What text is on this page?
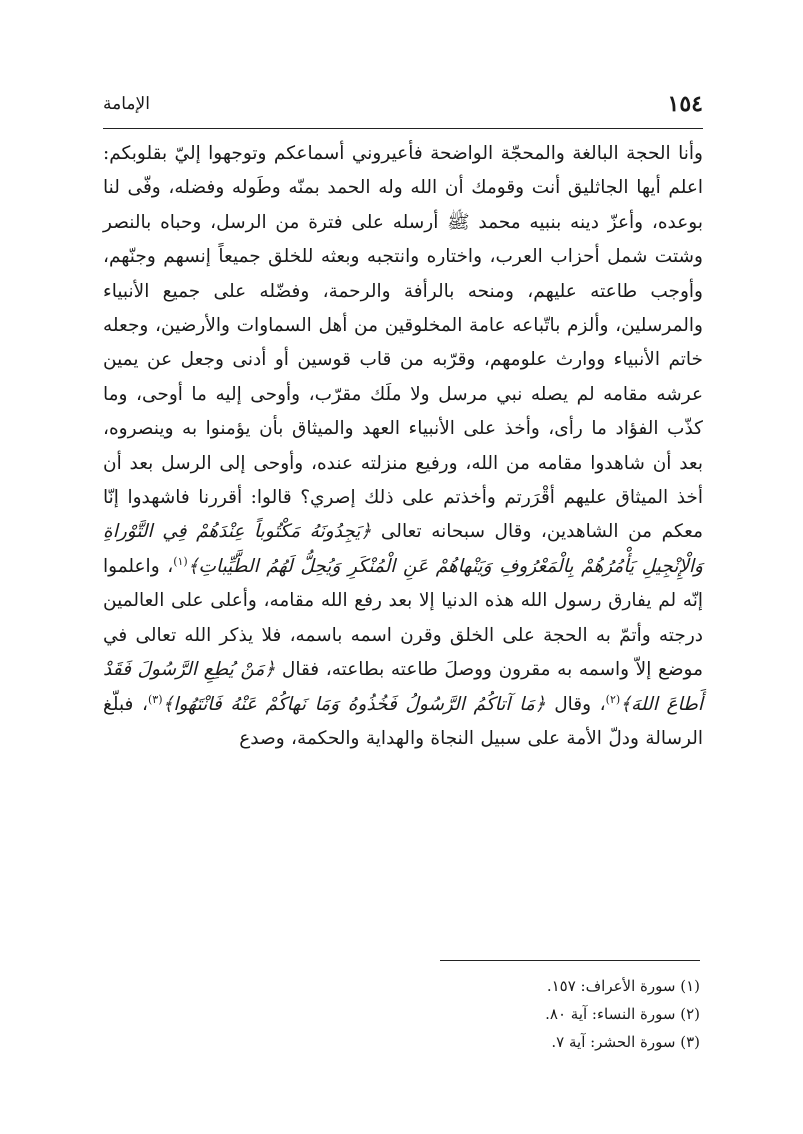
١٥٤
الإمامة
وأنا الحجة البالغة والمحجّة الواضحة فأعيروني أسماعكم وتوجهوا إليّ بقلوبكم: اعلم أيها الجاثليق أنت وقومك أن الله وله الحمد بمنّه وطَوله وفضله، وفّى لنا بوعده، وأعزّ دينه بنبيه محمد ﷺ أرسله على فترة من الرسل، وحباه بالنصر وشتت شمل أحزاب العرب، واختاره وانتجبه وبعثه للخلق جميعاً إنسهم وجنّهم، وأوجب طاعته عليهم، ومنحه بالرأفة والرحمة، وفضّله على جميع الأنبياء والمرسلين، وألزم باتّباعه عامة المخلوقين من أهل السماوات والأرضين، وجعله خاتم الأنبياء ووارث علومهم، وقرّبه من قاب قوسين أو أدنى وجعل عن يمين عرشه مقامه لم يصله نبي مرسل ولا ملَك مقرّب، وأوحى إليه ما أوحى، وما كذّب الفؤاد ما رأى، وأخذ على الأنبياء العهد والميثاق بأن يؤمنوا به وينصروه، بعد أن شاهدوا مقامه من الله، ورفيع منزلته عنده، وأوحى إلى الرسل بعد أن أخذ الميثاق عليهم أقْرَرتم وأخذتم على ذلك إصري؟ قالوا: أقررنا فاشهدوا إنّا معكم من الشاهدين، وقال سبحانه تعالى ﴿يَجِدُونَهُ مَكْتُوباً عِنْدَهُمْ فِي التَّوْراةِ وَالْإِنْجِيلِ يَأْمُرُهُمْ بِالْمَعْرُوفِ وَيَنْهاهُمْ عَنِ الْمُنْكَرِ وَيُحِلُّ لَهُمُ الطَّيِّباتِ﴾$^{(١)}$، واعلموا إنّه لم يفارق رسول الله هذه الدنيا إلا بعد رفع الله مقامه، وأعلى على العالمين درجته وأتمّ به الحجة على الخلق وقرن اسمه باسمه، فلا يذكر الله تعالى في موضع إلاّ واسمه به مقرون ووصلَ طاعته بطاعته، فقال ﴿مَنْ يُطِعِ الرَّسُولَ فَقَدْ أَطاعَ اللهَ﴾$^{(٢)}$، وقال ﴿مَا آتاكُمُ الرَّسُولُ فَخُذُوهُ وَمَا نَهاكُمْ عَنْهُ فَانْتَهُوا﴾$^{(٣)}$، فبلّغ الرسالة ودلّ الأمة على سبيل النجاة والهداية والحكمة، وصدع
(١) سورة الأعراف: ١٥٧.
(٢) سورة النساء: آية ٨٠.
(٣) سورة الحشر: آية ٧.
